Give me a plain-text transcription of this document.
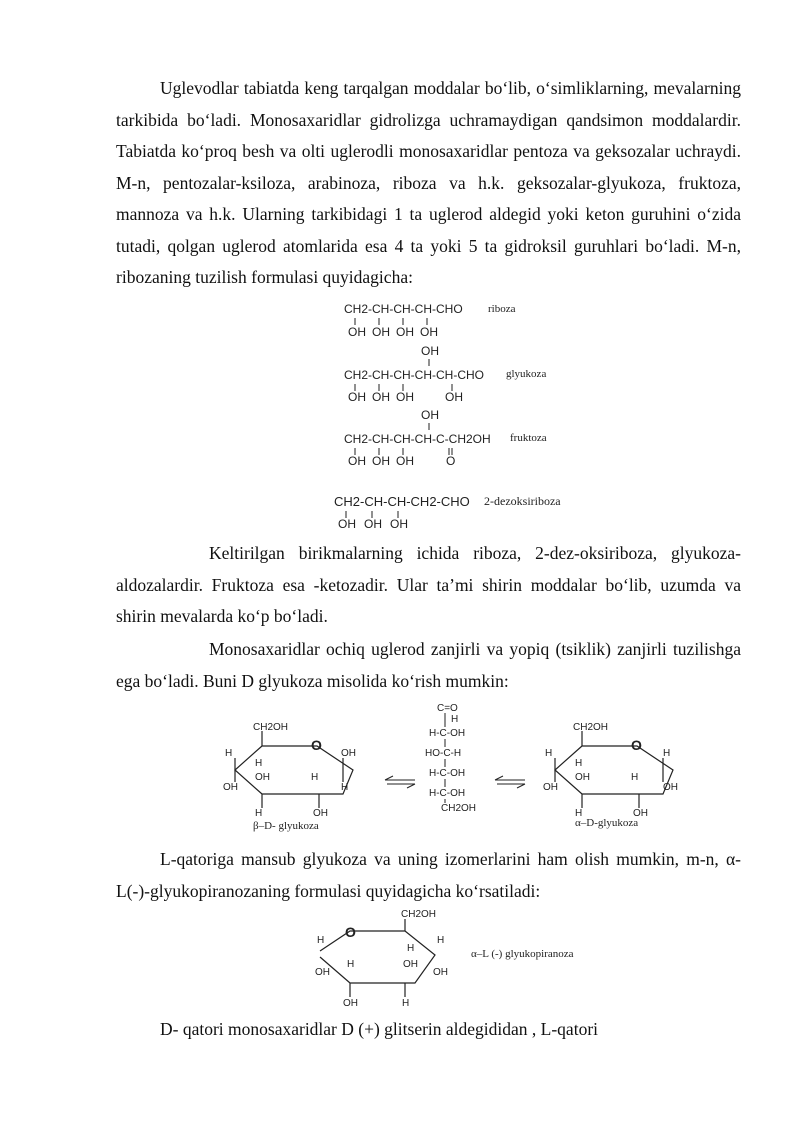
Uglevodlar tabiatda keng tarqalgan moddalar bo‘lib, o‘simliklarning, mevalarning tarkibida bo‘ladi. Monosaxaridlar gidrolizga uchramaydigan qandsimon moddalardir. Tabiatda ko‘proq besh va olti uglerodli monosaxaridlar pentoza va geksozalar uchraydi. M-n, pentozalar-ksiloza, arabinoza, riboza va h.k. geksozalar-glyukoza, fruktoza, mannoza va h.k. Ularning tarkibidagi 1 ta uglerod aldegid yoki keton guruhini o‘zida tutadi, qolgan uglerod atomlarida esa 4 ta yoki 5 ta gidroksil guruhlari bo‘ladi. M-n, ribozaning tuzilish formulasi quyidagicha:
CH2-CH-CH-CH-CHO riboza
OH OH OH OH
OH
CH2-CH-CH-CH-CH-CHO glyukoza
OH OH OH	OH
OH
CH2-CH-CH-CH-C-CH2OH fruktoza
OH OH OH	O
CH2-CH-CH-CH2-CHO 2-dezoksiriboza
OH OH OH
Keltirilgan birikmalarning ichida riboza, 2-dez-oksiriboza, glyukoza-aldozalardir. Fruktoza esa -ketozadir. Ular ta’mi shirin moddalar bo‘lib, uzumda va shirin mevalarda ko‘p bo‘ladi.
Monosaxaridlar ochiq uglerod zanjirli va yopiq (tsiklik) zanjirli tuzilishga ega bo‘ladi. Buni D glyukoza misolida ko‘rish mumkin:
CH2OH
O
H
H
OH	H
OH
H
OH
H	OH
β–D- glyukoza
C=O
H
H-C-OH
HO-C-H
H-C-OH
H-C-OH
CH2OH
CH2OH
O
H
H
OH	H
H
OH
OH
H	OH
α–D-glyukoza
L-qatoriga mansub glyukoza va uning izomerlarini ham olish mumkin, m-n, α-L(-)-glyukopiranozaning formulasi quyidagicha ko‘rsatiladi:
CH2OH
O
H
H
H
H	OH
OH	OH
OH	H
α–L (-) glyukopiranoza
D- qatori monosaxaridlar D (+) glitserin aldegididan , L-qatori
